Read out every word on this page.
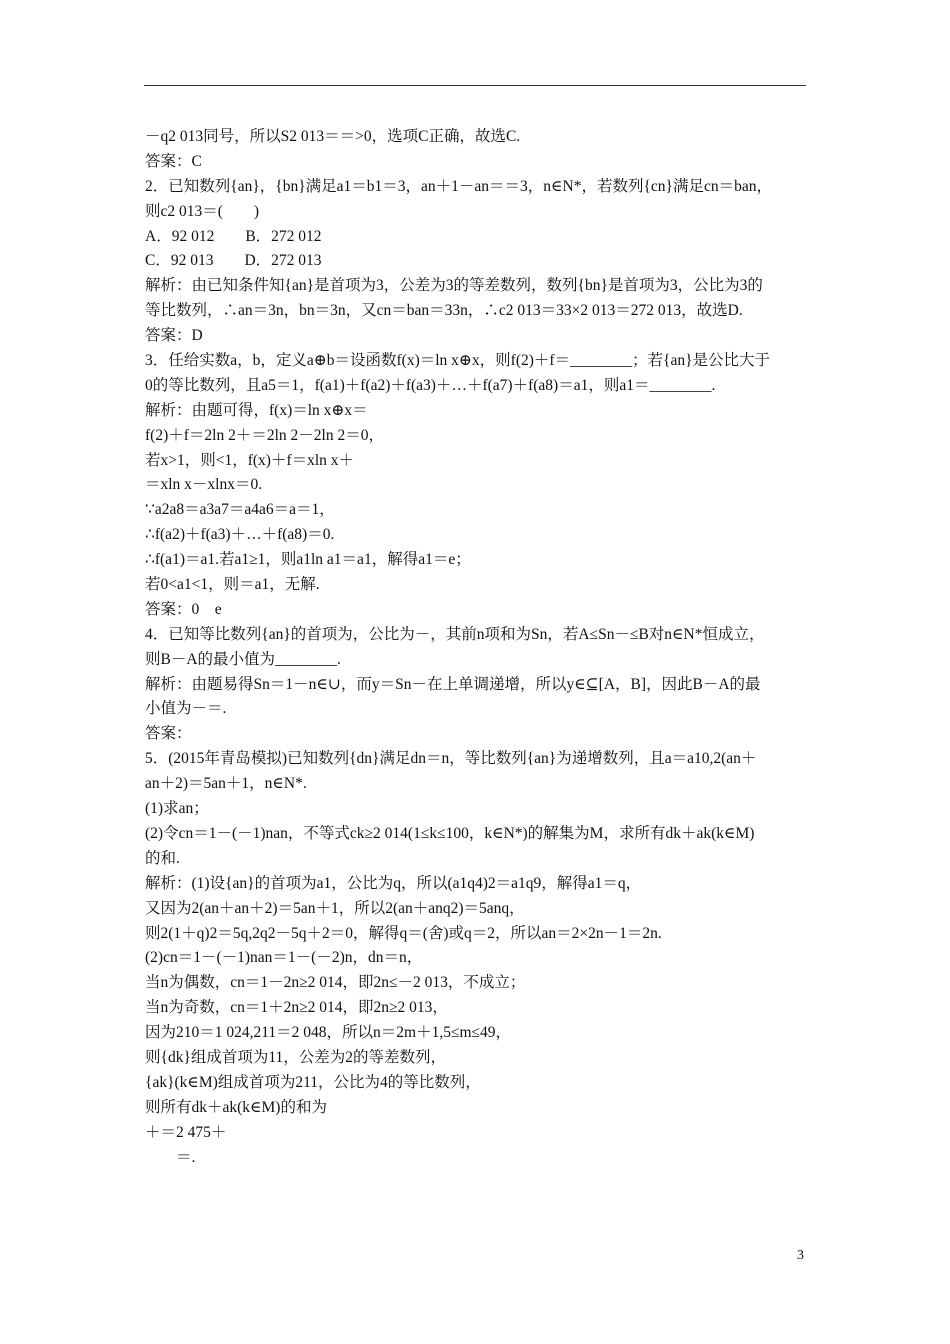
－q2 013同号，所以S2 013＝＝>0，选项C正确，故选C.
答案：C
2．已知数列{an}，{bn}满足a1＝b1＝3，an＋1－an＝＝3，n∈N*，若数列{cn}满足cn＝ban，
则c2 013＝(　　)
A．92 012　　B．272 012
C．92 013　　D．272 013
解析：由已知条件知{an}是首项为3，公差为3的等差数列，数列{bn}是首项为3，公比为3的
等比数列，∴an＝3n，bn＝3n，又cn＝ban＝33n，∴c2 013＝33×2 013＝272 013，故选D.
答案：D
3．任给实数a，b，定义a⊕b＝设函数f(x)＝ln x⊕x，则f(2)＋f＝________；若{an}是公比大于
0的等比数列，且a5＝1，f(a1)＋f(a2)＋f(a3)＋…＋f(a7)＋f(a8)＝a1，则a1＝________.
解析：由题可得，f(x)＝ln x⊕x＝
f(2)＋f＝2ln 2＋＝2ln 2－2ln 2＝0，
若x>1，则<1，f(x)＋f＝xln x＋
＝xln x－xlnx＝0.
∵a2a8＝a3a7＝a4a6＝a＝1，
∴f(a2)＋f(a3)＋…＋f(a8)＝0.
∴f(a1)＝a1.若a1≥1，则a1ln a1＝a1，解得a1＝e；
若0<a1<1，则＝a1，无解.
答案：0　e
4．已知等比数列{an}的首项为，公比为－，其前n项和为Sn，若A≤Sn－≤B对n∈N*恒成立，
则B－A的最小值为________.
解析：由题易得Sn＝1－n∈∪，而y＝Sn－在上单调递增，所以y∈⊆[A，B]，因此B－A的最
小值为－＝.
答案：
5．(2015年青岛模拟)已知数列{dn}满足dn＝n，等比数列{an}为递增数列，且a＝a10,2(an＋
an＋2)＝5an＋1，n∈N*.
(1)求an；
(2)令cn＝1－(－1)nan，不等式ck≥2 014(1≤k≤100，k∈N*)的解集为M，求所有dk＋ak(k∈M)
的和.
解析：(1)设{an}的首项为a1，公比为q，所以(a1q4)2＝a1q9，解得a1＝q，
又因为2(an＋an＋2)＝5an＋1，所以2(an＋anq2)＝5anq，
则2(1＋q)2＝5q,2q2－5q＋2＝0，解得q＝(舍)或q＝2，所以an＝2×2n－1＝2n.
(2)cn＝1－(－1)nan＝1－(－2)n，dn＝n，
当n为偶数，cn＝1－2n≥2 014，即2n≤－2 013，不成立；
当n为奇数，cn＝1＋2n≥2 014，即2n≥2 013，
因为210＝1 024,211＝2 048，所以n＝2m＋1,5≤m≤49，
则{dk}组成首项为11，公差为2的等差数列，
{ak}(k∈M)组成首项为211，公比为4的等比数列，
则所有dk＋ak(k∈M)的和为
＋＝2 475＋
　　＝.
3
